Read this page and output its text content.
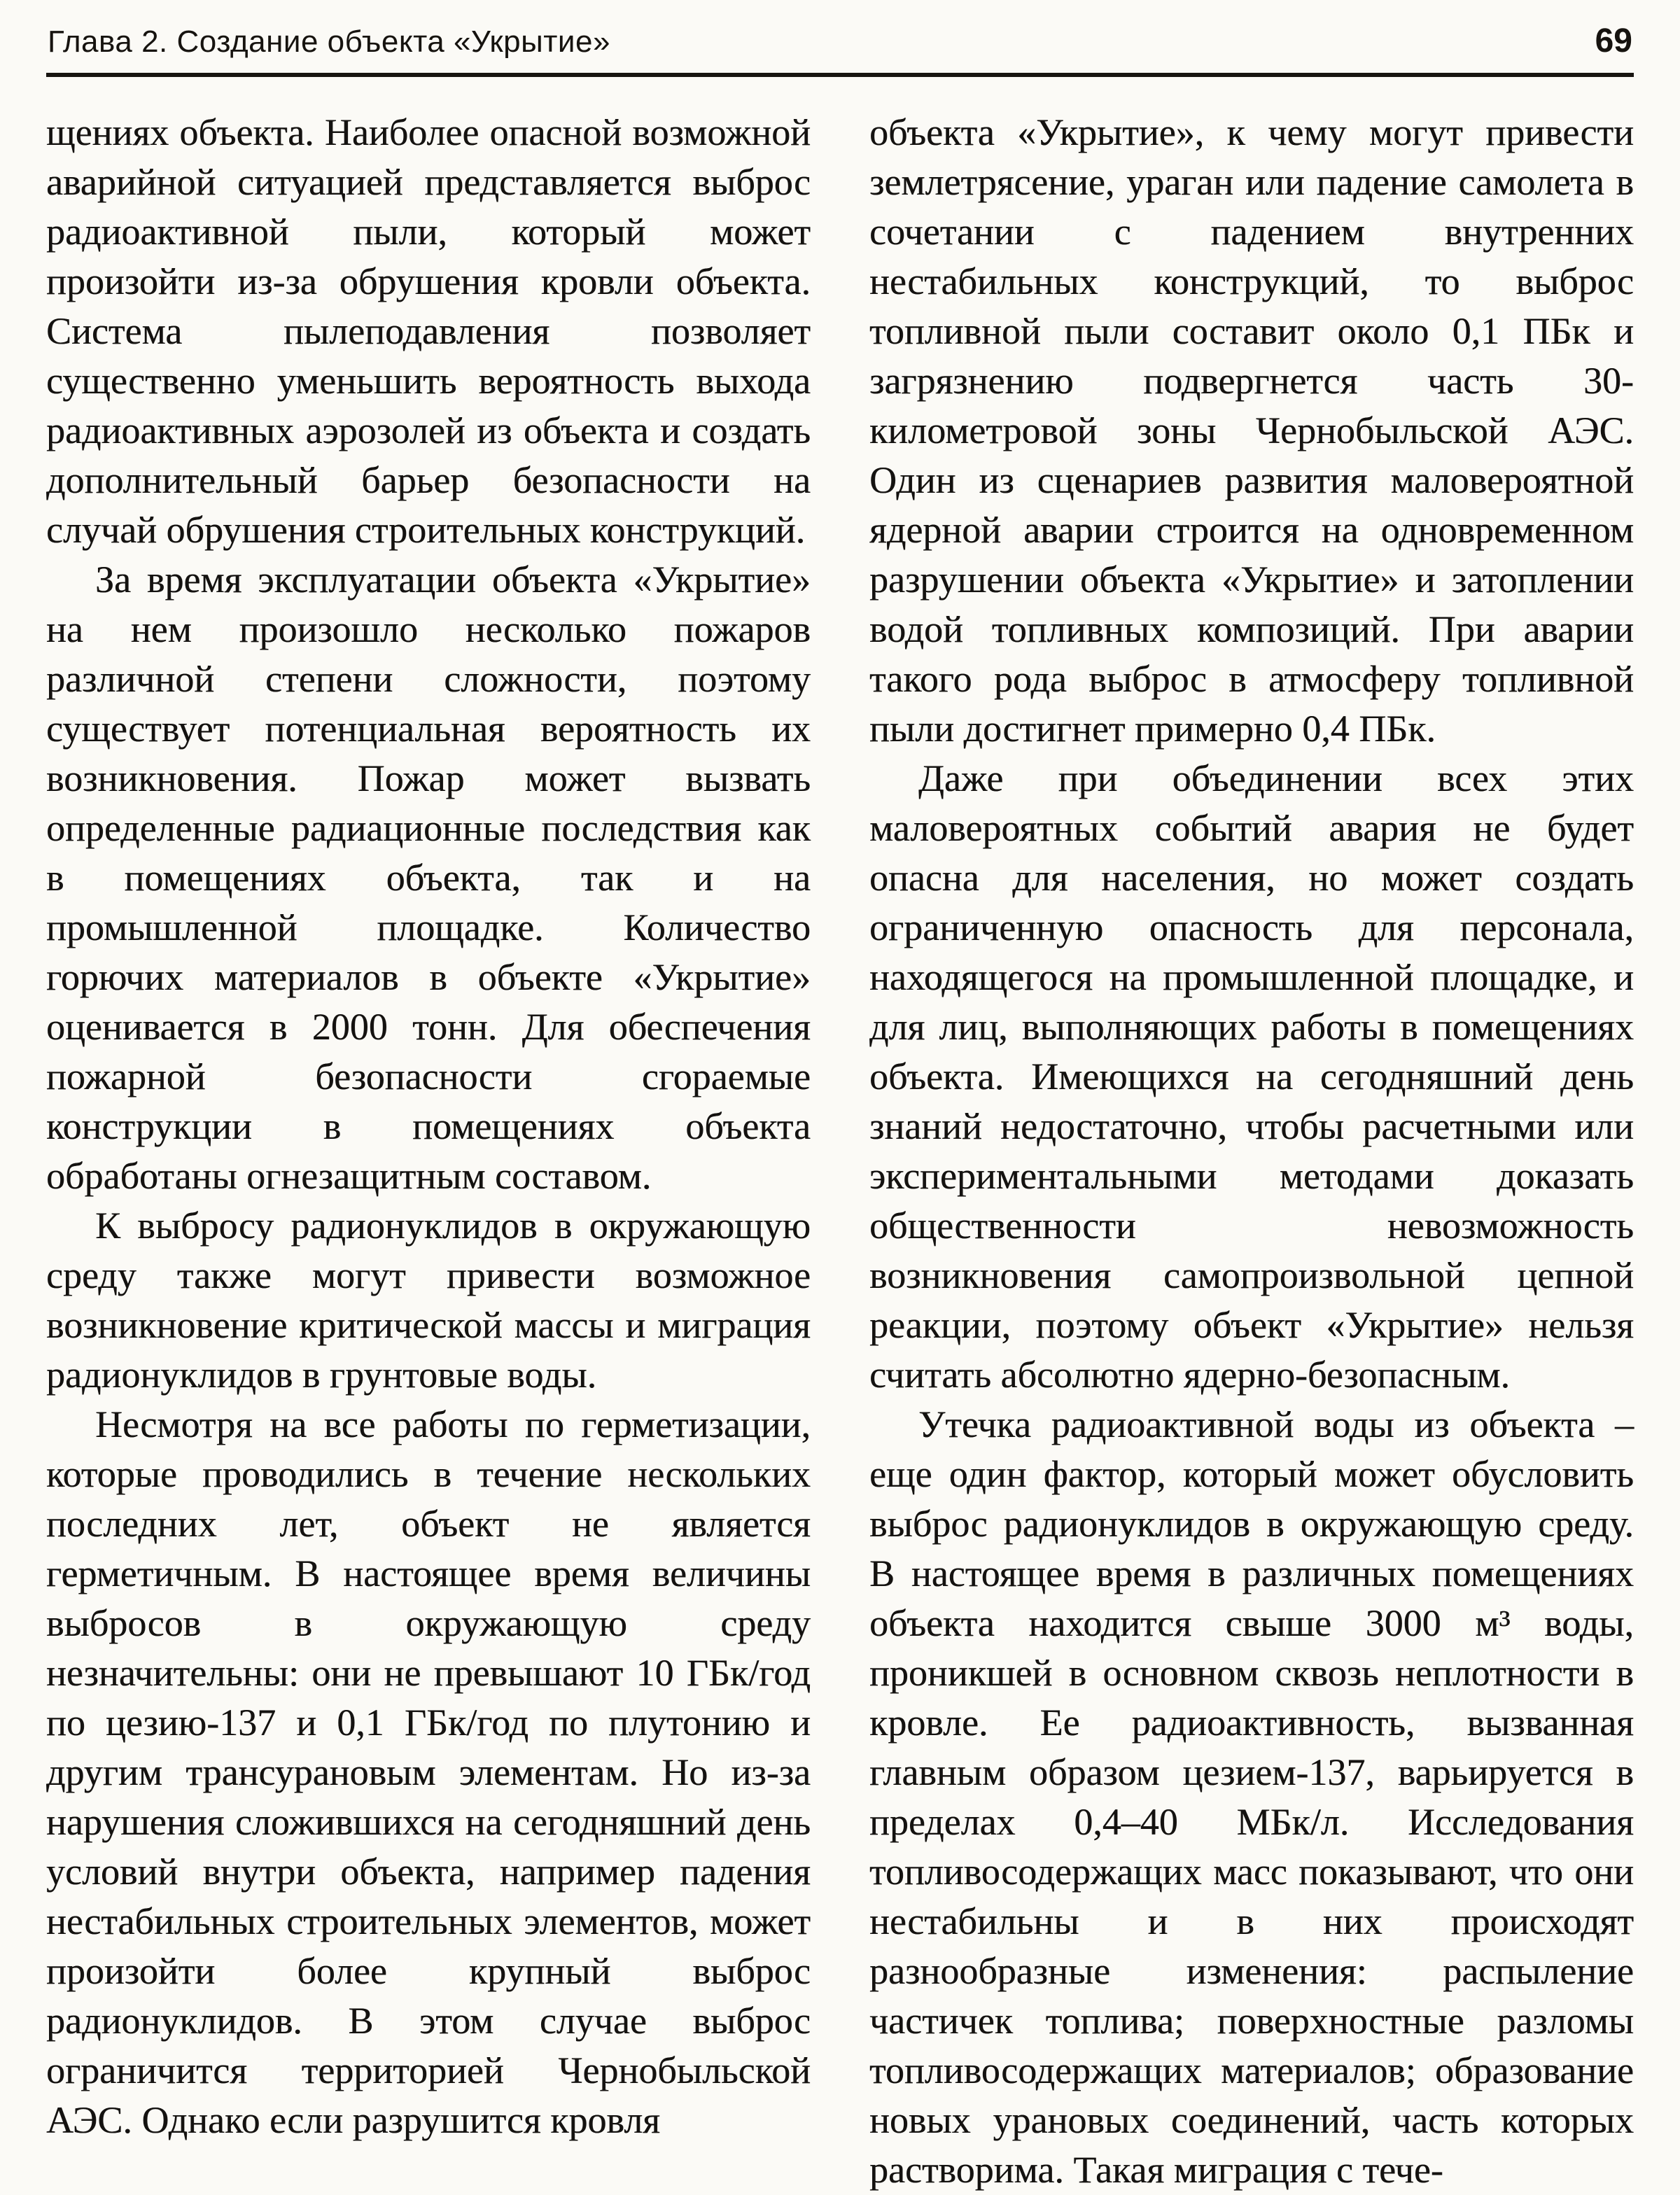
Глава 2. Создание объекта «Укрытие»	69

щениях объекта. Наиболее опасной возможной аварийной ситуацией представляется выброс радиоактивной пыли, который может произойти из-за обрушения кровли объекта. Система пылеподавления позволяет существенно уменьшить вероятность выхода радиоактивных аэрозолей из объекта и создать дополнительный барьер безопасности на случай обрушения строительных конструкций.

За время эксплуатации объекта «Укрытие» на нем произошло несколько пожаров различной степени сложности, поэтому существует потенциальная вероятность их возникновения. Пожар может вызвать определенные радиационные последствия как в помещениях объекта, так и на промышленной площадке. Количество горючих материалов в объекте «Укрытие» оценивается в 2000 тонн. Для обеспечения пожарной безопасности сгораемые конструкции в помещениях объекта обработаны огнезащитным составом.

К выбросу радионуклидов в окружающую среду также могут привести возможное возникновение критической массы и миграция радионуклидов в грунтовые воды.

Несмотря на все работы по герметизации, которые проводились в течение нескольких последних лет, объект не является герметичным. В настоящее время величины выбросов в окружающую среду незначительны: они не превышают 10 ГБк/год по цезию-137 и 0,1 ГБк/год по плутонию и другим трансурановым элементам. Но из-за нарушения сложившихся на сегодняшний день условий внутри объекта, например падения нестабильных строительных элементов, может произойти более крупный выброс радионуклидов. В этом случае выброс ограничится территорией Чернобыльской АЭС. Однако если разрушится кровля

объекта «Укрытие», к чему могут привести землетрясение, ураган или падение самолета в сочетании с падением внутренних нестабильных конструкций, то выброс топливной пыли составит около 0,1 ПБк и загрязнению подвергнется часть 30-километровой зоны Чернобыльской АЭС. Один из сценариев развития маловероятной ядерной аварии строится на одновременном разрушении объекта «Укрытие» и затоплении водой топливных композиций. При аварии такого рода выброс в атмосферу топливной пыли достигнет примерно 0,4 ПБк.

Даже при объединении всех этих маловероятных событий авария не будет опасна для населения, но может создать ограниченную опасность для персонала, находящегося на промышленной площадке, и для лиц, выполняющих работы в помещениях объекта. Имеющихся на сегодняшний день знаний недостаточно, чтобы расчетными или экспериментальными методами доказать общественности невозможность возникновения самопроизвольной цепной реакции, поэтому объект «Укрытие» нельзя считать абсолютно ядерно-безопасным.

Утечка радиоактивной воды из объекта – еще один фактор, который может обусловить выброс радионуклидов в окружающую среду. В настоящее время в различных помещениях объекта находится свыше 3000 м³ воды, проникшей в основном сквозь неплотности в кровле. Ее радиоактивность, вызванная главным образом цезием-137, варьируется в пределах 0,4–40 МБк/л. Исследования топливосодержащих масс показывают, что они нестабильны и в них происходят разнообразные изменения: распыление частичек топлива; поверхностные разломы топливосодержащих материалов; образование новых урановых соединений, часть которых растворима. Такая миграция с тече-
